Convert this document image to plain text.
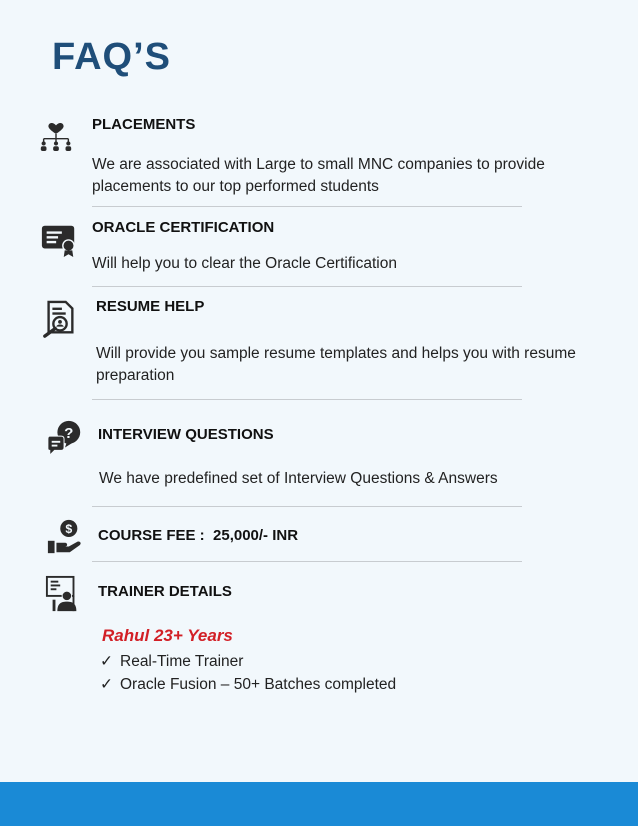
FAQ’S

PLACEMENTS

We are associated with Large to small MNC companies to provide placements to our top performed students

ORACLE CERTIFICATION

Will help you to clear the Oracle Certification

RESUME HELP

Will provide you sample resume templates and helps you with resume preparation

? INTERVIEW QUESTIONS

We have predefined set of Interview Questions & Answers

$ COURSE FEE :  25,000/- INR

TRAINER DETAILS

Rahul 23+ Years

✓ Real-Time Trainer

✓ Oracle Fusion – 50+ Batches completed
